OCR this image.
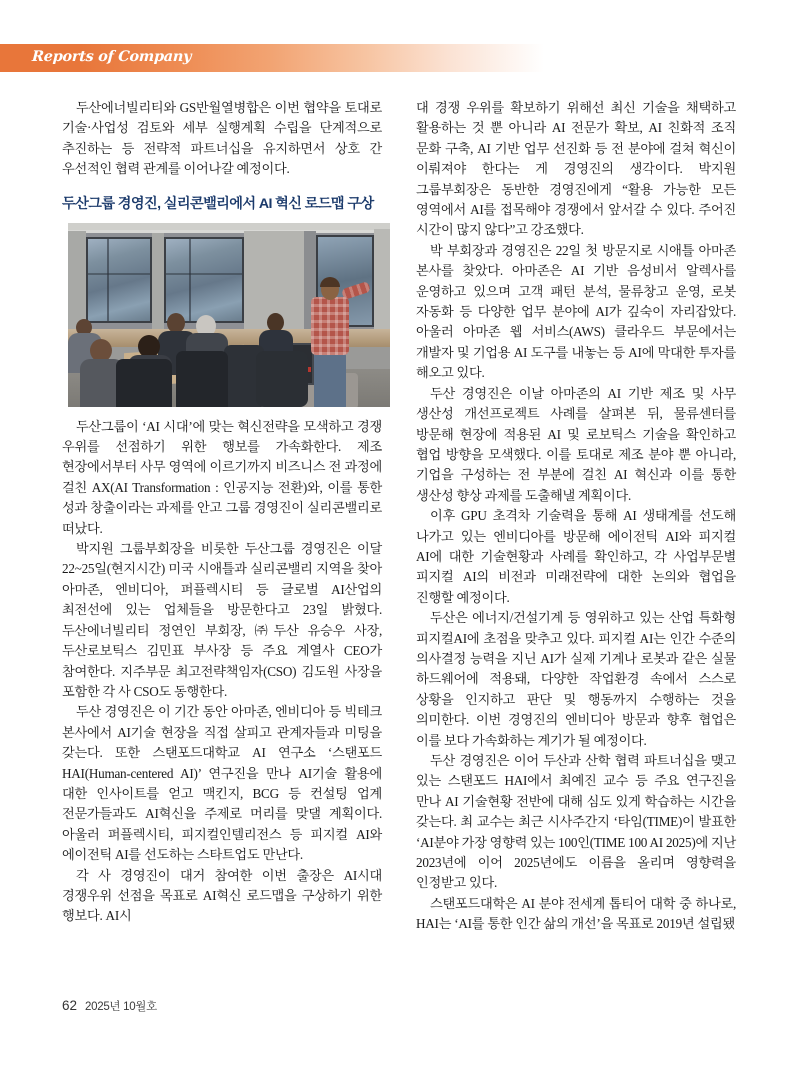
Reports of Company

두산에너빌리티와 GS반월열병합은 이번 협약을 토대로 기술·사업성 검토와 세부 실행계획 수립을 단계적으로 추진하는 등 전략적 파트너십을 유지하면서 상호 간 우선적인 협력 관계를 이어나갈 예정이다.

두산그룹 경영진, 실리콘밸리에서 AI 혁신 로드맵 구상

두산그룹이 ‘AI 시대’에 맞는 혁신전략을 모색하고 경쟁 우위를 선점하기 위한 행보를 가속화한다. 제조 현장에서부터 사무 영역에 이르기까지 비즈니스 전 과정에 걸친 AX(AI Transformation : 인공지능 전환)와, 이를 통한 성과 창출이라는 과제를 안고 그룹 경영진이 실리콘밸리로 떠났다.

박지원 그룹부회장을 비롯한 두산그룹 경영진은 이달 22~25일(현지시간) 미국 시애틀과 실리콘밸리 지역을 찾아 아마존, 엔비디아, 퍼플렉시티 등 글로벌 AI산업의 최전선에 있는 업체들을 방문한다고 23일 밝혔다. 두산에너빌리티 정연인 부회장, ㈜두산 유승우 사장, 두산로보틱스 김민표 부사장 등 주요 계열사 CEO가 참여한다. 지주부문 최고전략책임자(CSO) 김도원 사장을 포함한 각 사 CSO도 동행한다.

두산 경영진은 이 기간 동안 아마존, 엔비디아 등 빅테크 본사에서 AI기술 현장을 직접 살피고 관계자들과 미팅을 갖는다. 또한 스탠포드대학교 AI 연구소 ‘스탠포드 HAI(Human-centered AI)’ 연구진을 만나 AI기술 활용에 대한 인사이트를 얻고 맥킨지, BCG 등 컨설팅 업계 전문가들과도 AI혁신을 주제로 머리를 맞댈 계획이다. 아울러 퍼플렉시티, 피지컬인텔리전스 등 피지컬 AI와 에이전틱 AI를 선도하는 스타트업도 만난다.

각 사 경영진이 대거 참여한 이번 출장은 AI시대 경쟁우위 선점을 목표로 AI혁신 로드맵을 구상하기 위한 행보다. AI시

대 경쟁 우위를 확보하기 위해선 최신 기술을 채택하고 활용하는 것 뿐 아니라 AI 전문가 확보, AI 친화적 조직 문화 구축, AI 기반 업무 선진화 등 전 분야에 걸쳐 혁신이 이뤄져야 한다는 게 경영진의 생각이다. 박지원 그룹부회장은 동반한 경영진에게 “활용 가능한 모든 영역에서 AI를 접목해야 경쟁에서 앞서갈 수 있다. 주어진 시간이 많지 않다”고 강조했다.

박 부회장과 경영진은 22일 첫 방문지로 시애틀 아마존 본사를 찾았다. 아마존은 AI 기반 음성비서 알렉사를 운영하고 있으며 고객 패턴 분석, 물류창고 운영, 로봇 자동화 등 다양한 업무 분야에 AI가 깊숙이 자리잡았다. 아울러 아마존 웹 서비스(AWS) 클라우드 부문에서는 개발자 및 기업용 AI 도구를 내놓는 등 AI에 막대한 투자를 해오고 있다.

두산 경영진은 이날 아마존의 AI 기반 제조 및 사무 생산성 개선프로젝트 사례를 살펴본 뒤, 물류센터를 방문해 현장에 적용된 AI 및 로보틱스 기술을 확인하고 협업 방향을 모색했다. 이를 토대로 제조 분야 뿐 아니라, 기업을 구성하는 전 부분에 걸친 AI 혁신과 이를 통한 생산성 향상 과제를 도출해낼 계획이다.

이후 GPU 초격차 기술력을 통해 AI 생태계를 선도해 나가고 있는 엔비디아를 방문해 에이전틱 AI와 피지컬 AI에 대한 기술현황과 사례를 확인하고, 각 사업부문별 피지컬 AI의 비전과 미래전략에 대한 논의와 협업을 진행할 예정이다.

두산은 에너지/건설기계 등 영위하고 있는 산업 특화형 피지컬AI에 초점을 맞추고 있다. 피지컬 AI는 인간 수준의 의사결정 능력을 지닌 AI가 실제 기계나 로봇과 같은 실물 하드웨어에 적용돼, 다양한 작업환경 속에서 스스로 상황을 인지하고 판단 및 행동까지 수행하는 것을 의미한다. 이번 경영진의 엔비디아 방문과 향후 협업은 이를 보다 가속화하는 계기가 될 예정이다.

두산 경영진은 이어 두산과 산학 협력 파트너십을 맺고 있는 스탠포드 HAI에서 최예진 교수 등 주요 연구진을 만나 AI 기술현황 전반에 대해 심도 있게 학습하는 시간을 갖는다. 최 교수는 최근 시사주간지 ‘타임(TIME)이 발표한 ‘AI분야 가장 영향력 있는 100인(TIME 100 AI 2025)에 지난 2023년에 이어 2025년에도 이름을 올리며 영향력을 인정받고 있다.

스탠포드대학은 AI 분야 전세계 톱티어 대학 중 하나로, HAI는 ‘AI를 통한 인간 삶의 개선’을 목표로 2019년 설립됐

62 2025년 10월호
